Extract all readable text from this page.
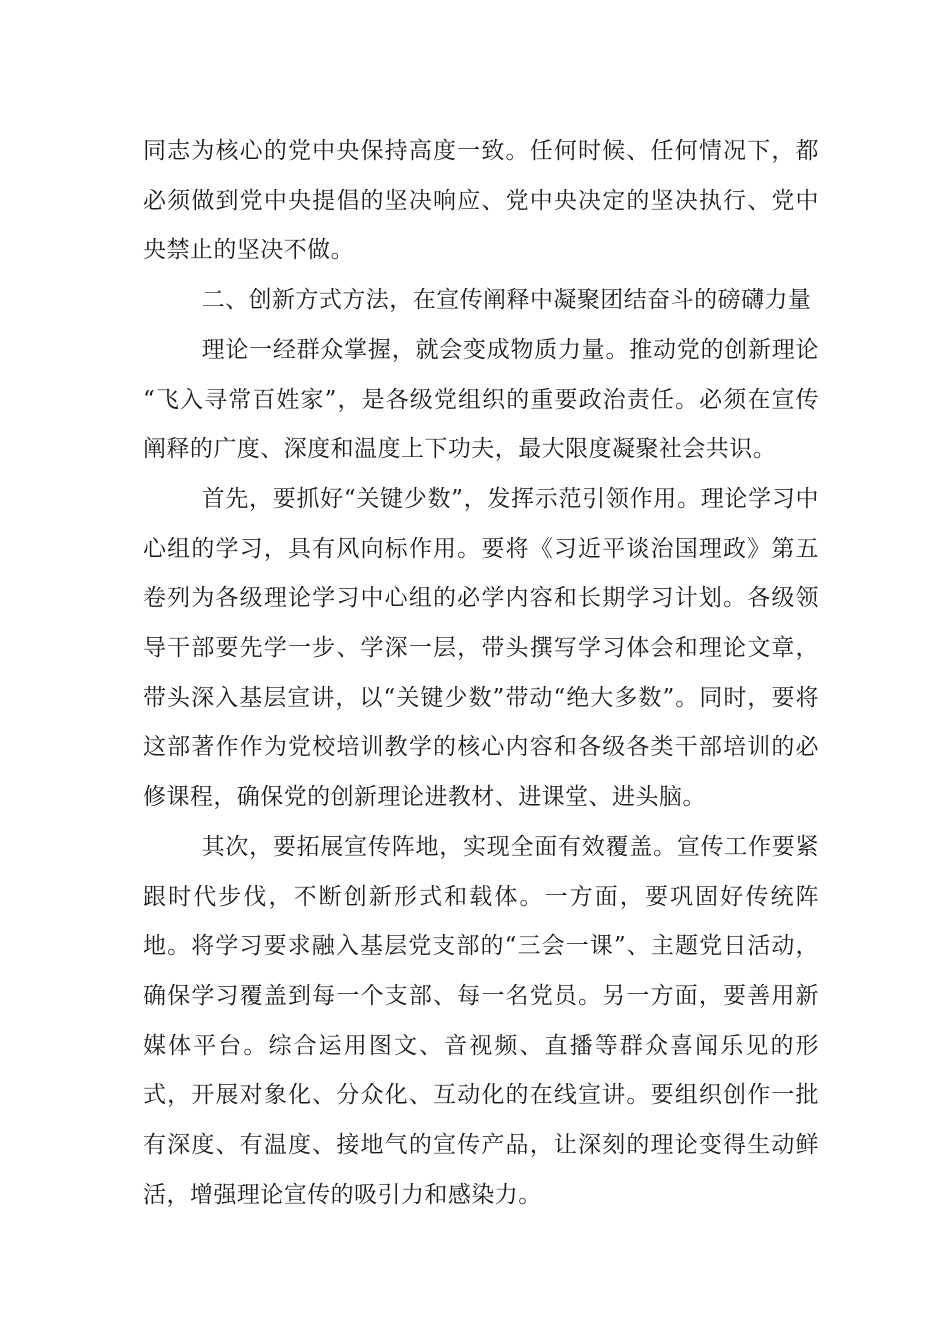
同志为核心的党中央保持高度一致。任何时候、任何情况下，都必须做到党中央提倡的坚决响应、党中央决定的坚决执行、党中央禁止的坚决不做。

二、创新方式方法，在宣传阐释中凝聚团结奋斗的磅礴力量

理论一经群众掌握，就会变成物质力量。推动党的创新理论“飞入寻常百姓家”，是各级党组织的重要政治责任。必须在宣传阐释的广度、深度和温度上下功夫，最大限度凝聚社会共识。

首先，要抓好“关键少数”，发挥示范引领作用。理论学习中心组的学习，具有风向标作用。要将《习近平谈治国理政》第五卷列为各级理论学习中心组的必学内容和长期学习计划。各级领导干部要先学一步、学深一层，带头撰写学习体会和理论文章，带头深入基层宣讲，以“关键少数”带动“绝大多数”。同时，要将这部著作作为党校培训教学的核心内容和各级各类干部培训的必修课程，确保党的创新理论进教材、进课堂、进头脑。

其次，要拓展宣传阵地，实现全面有效覆盖。宣传工作要紧跟时代步伐，不断创新形式和载体。一方面，要巩固好传统阵地。将学习要求融入基层党支部的“三会一课”、主题党日活动，确保学习覆盖到每一个支部、每一名党员。另一方面，要善用新媒体平台。综合运用图文、音视频、直播等群众喜闻乐见的形式，开展对象化、分众化、互动化的在线宣讲。要组织创作一批有深度、有温度、接地气的宣传产品，让深刻的理论变得生动鲜活，增强理论宣传的吸引力和感染力。
